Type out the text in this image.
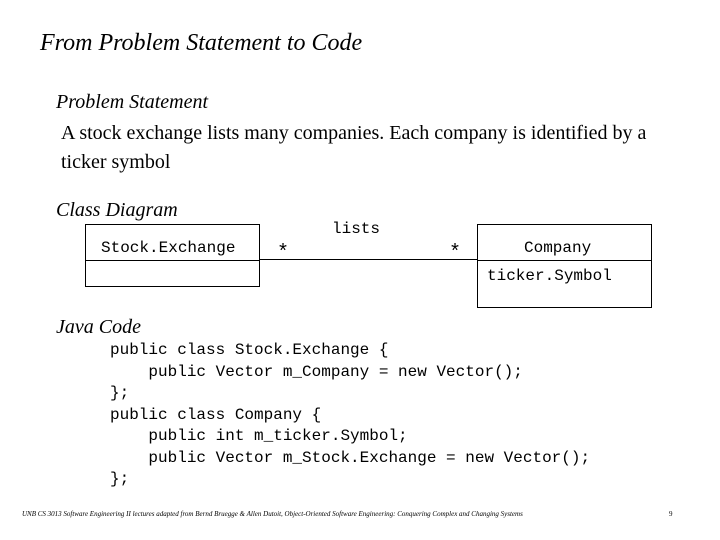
From Problem Statement to Code
Problem Statement
A stock exchange lists many companies. Each company is identified by a ticker symbol
Class Diagram
Stock.Exchange
lists
*	*	Company
ticker.Symbol
Java Code
public class Stock.Exchange {
public Vector m_Company = new Vector();
};
public class Company {
public int m_ticker.Symbol;
public Vector m_Stock.Exchange = new Vector();
};
UNB CS 3013 Software Engineering II lectures adapted from Bernd Bruegge & Allen Dutoit, Object-Oriented Software Engineering: Conquering Complex and Changing Systems	9
